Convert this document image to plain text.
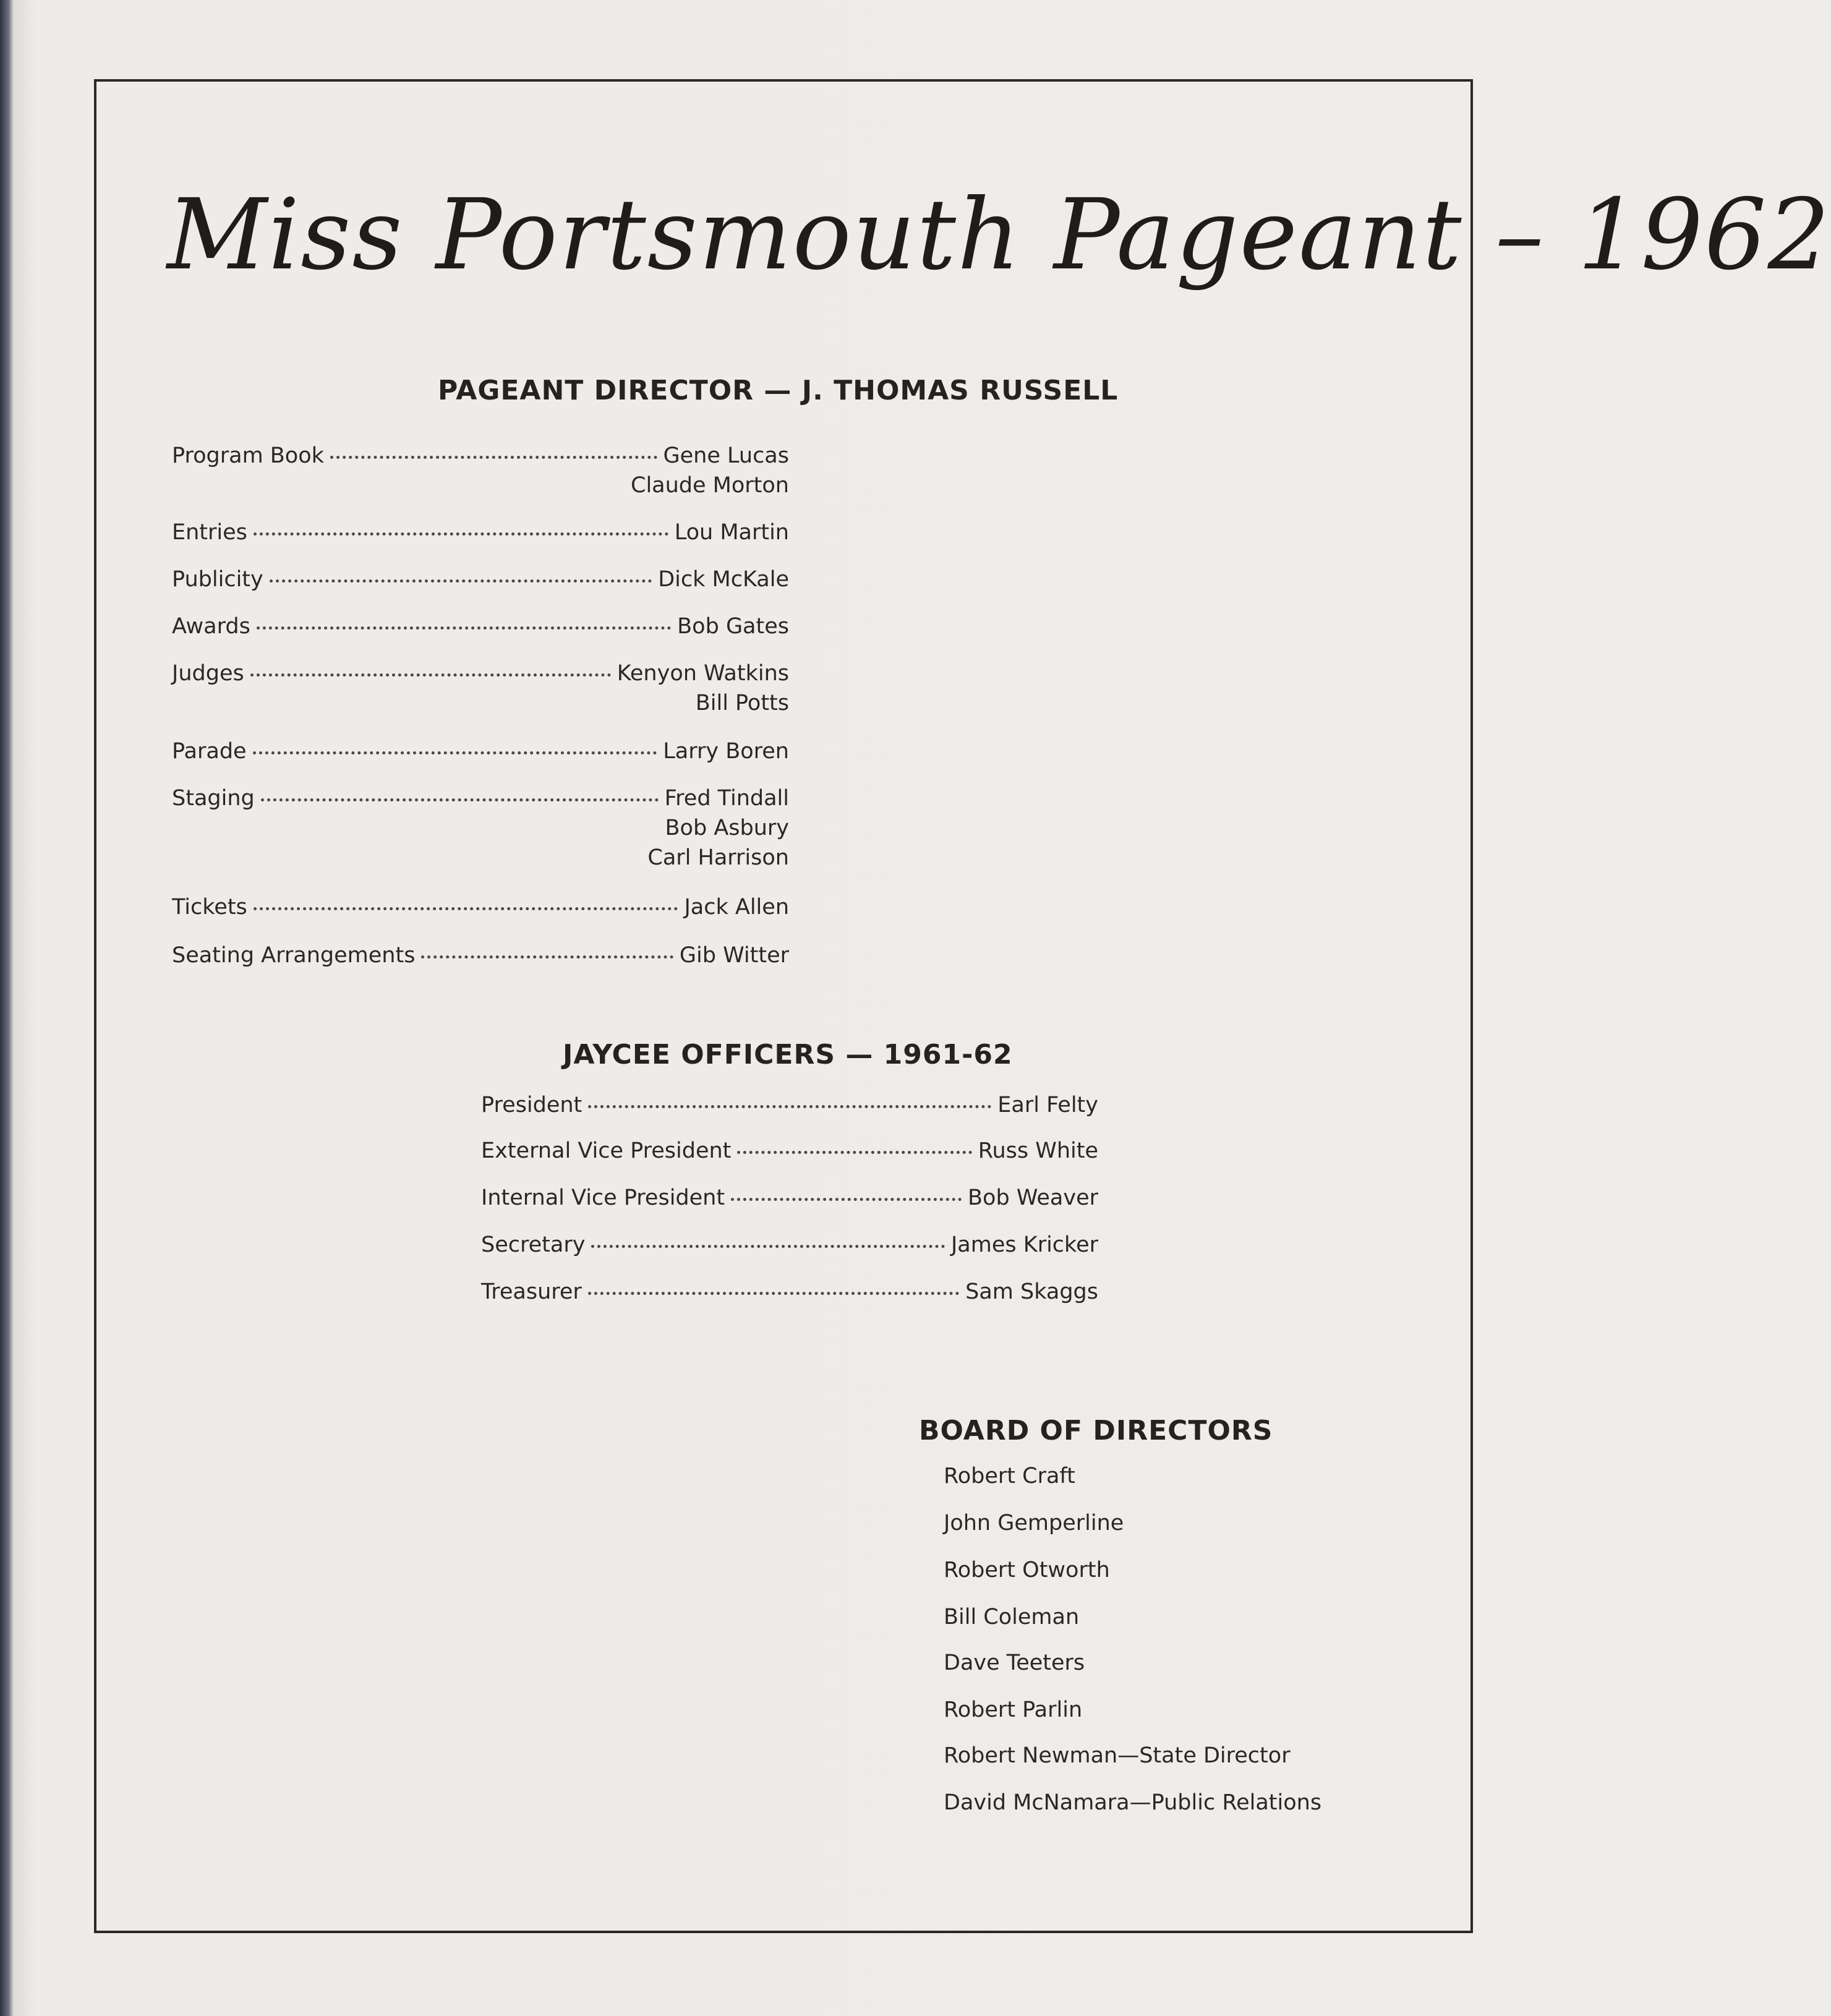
Miss Portsmouth Pageant – 1962
PAGEANT DIRECTOR — J. THOMAS RUSSELL
Program Book	Gene Lucas
Claude Morton
Entries	Lou Martin
Publicity	Dick McKale
Awards	Bob Gates
Judges	Kenyon Watkins
Bill Potts
Parade	Larry Boren
Staging	Fred Tindall
Bob Asbury
Carl Harrison
Tickets	Jack Allen
Seating Arrangements	Gib Witter
JAYCEE OFFICERS — 1961-62
President	Earl Felty
External Vice President	Russ White
Internal Vice President	Bob Weaver
Secretary	James Kricker
Treasurer	Sam Skaggs
BOARD OF DIRECTORS
Robert Craft
John Gemperline
Robert Otworth
Bill Coleman
Dave Teeters
Robert Parlin
Robert Newman—State Director
David McNamara—Public Relations
